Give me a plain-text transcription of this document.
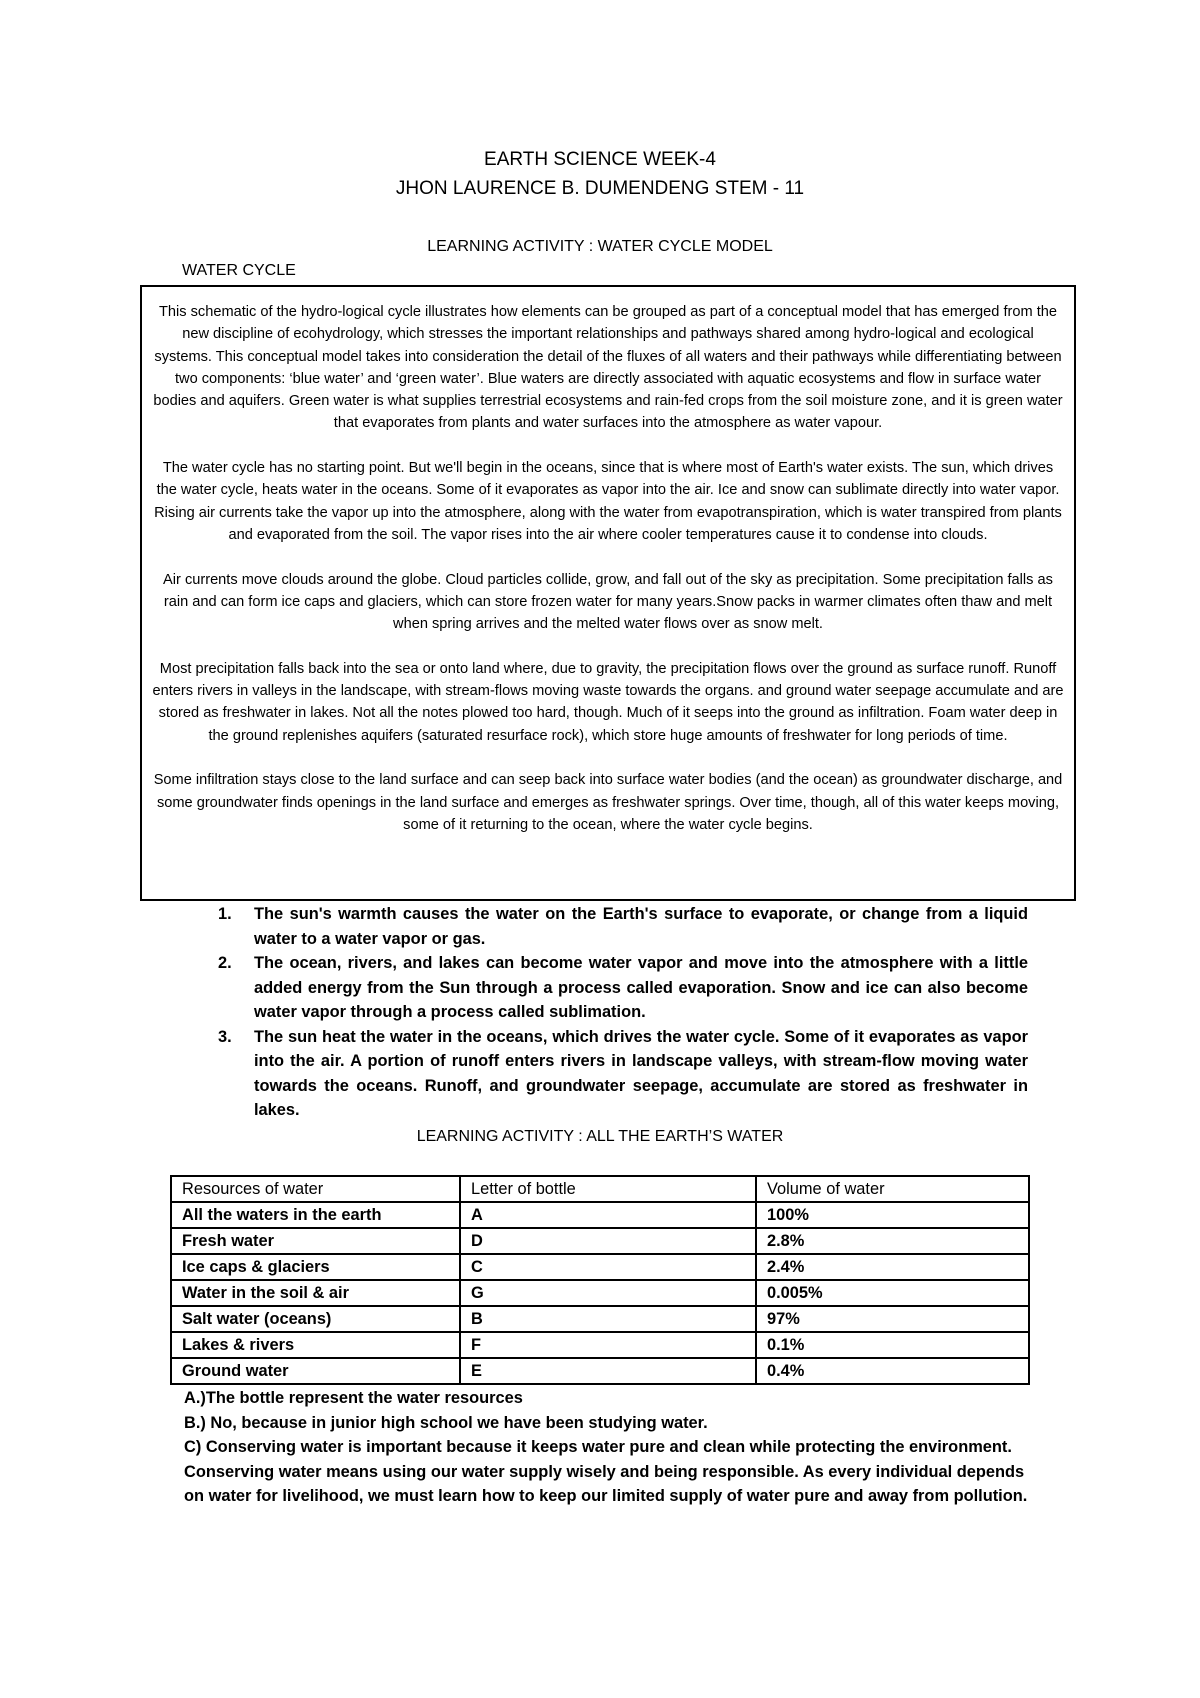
EARTH SCIENCE WEEK-4
JHON LAURENCE B. DUMENDENG STEM - 11
LEARNING ACTIVITY : WATER CYCLE MODEL
WATER CYCLE

This schematic of the hydro-logical cycle illustrates how elements can be grouped as part of a conceptual model that has emerged from the new discipline of ecohydrology, which stresses the important relationships and pathways shared among hydro-logical and ecological systems. This conceptual model takes into consideration the detail of the fluxes of all waters and their pathways while differentiating between two components: ‘blue water’ and ‘green water’. Blue waters are directly associated with aquatic ecosystems and flow in surface water bodies and aquifers. Green water is what supplies terrestrial ecosystems and rain-fed crops from the soil moisture zone, and it is green water that evaporates from plants and water surfaces into the atmosphere as water vapour.

The water cycle has no starting point. But we'll begin in the oceans, since that is where most of Earth's water exists. The sun, which drives the water cycle, heats water in the oceans. Some of it evaporates as vapor into the air. Ice and snow can sublimate directly into water vapor. Rising air currents take the vapor up into the atmosphere, along with the water from evapotranspiration, which is water transpired from plants and evaporated from the soil. The vapor rises into the air where cooler temperatures cause it to condense into clouds.

Air currents move clouds around the globe. Cloud particles collide, grow, and fall out of the sky as precipitation. Some precipitation falls as rain and can form ice caps and glaciers, which can store frozen water for many years.Snow packs in warmer climates often thaw and melt when spring arrives and the melted water flows over as snow melt.

Most precipitation falls back into the sea or onto land where, due to gravity, the precipitation flows over the ground as surface runoff. Runoff enters rivers in valleys in the landscape, with stream-flows moving waste towards the organs. and ground water seepage accumulate and are stored as freshwater in lakes. Not all the notes plowed too hard, though. Much of it seeps into the ground as infiltration. Foam water deep in the ground replenishes aquifers (saturated resurface rock), which store huge amounts of freshwater for long periods of time.

Some infiltration stays close to the land surface and can seep back into surface water bodies (and the ocean) as groundwater discharge, and some groundwater finds openings in the land surface and emerges as freshwater springs. Over time, though, all of this water keeps moving, some of it returning to the ocean, where the water cycle begins.

1. The sun's warmth causes the water on the Earth's surface to evaporate, or change from a liquid water to a water vapor or gas.
2. The ocean, rivers, and lakes can become water vapor and move into the atmosphere with a little added energy from the Sun through a process called evaporation. Snow and ice can also become water vapor through a process called sublimation.
3. The sun heat the water in the oceans, which drives the water cycle. Some of it evaporates as vapor into the air. A portion of runoff enters rivers in landscape valleys, with stream-flow moving water towards the oceans. Runoff, and groundwater seepage, accumulate are stored as freshwater in lakes.
LEARNING ACTIVITY : ALL THE EARTH’S WATER
Resources of water	Letter of bottle	Volume of water
All the waters in the earth	A	100%
Fresh water	D	2.8%
Ice caps & glaciers	C	2.4%
Water in the soil & air	G	0.005%
Salt water (oceans)	B	97%
Lakes & rivers	F	0.1%
Ground water	E	0.4%
A.)The bottle represent the water resources
B.) No, because in junior high school we have been studying water.
C) Conserving water is important because it keeps water pure and clean while protecting the environment. Conserving water means using our water supply wisely and being responsible. As every individual depends on water for livelihood, we must learn how to keep our limited supply of water pure and away from pollution.
